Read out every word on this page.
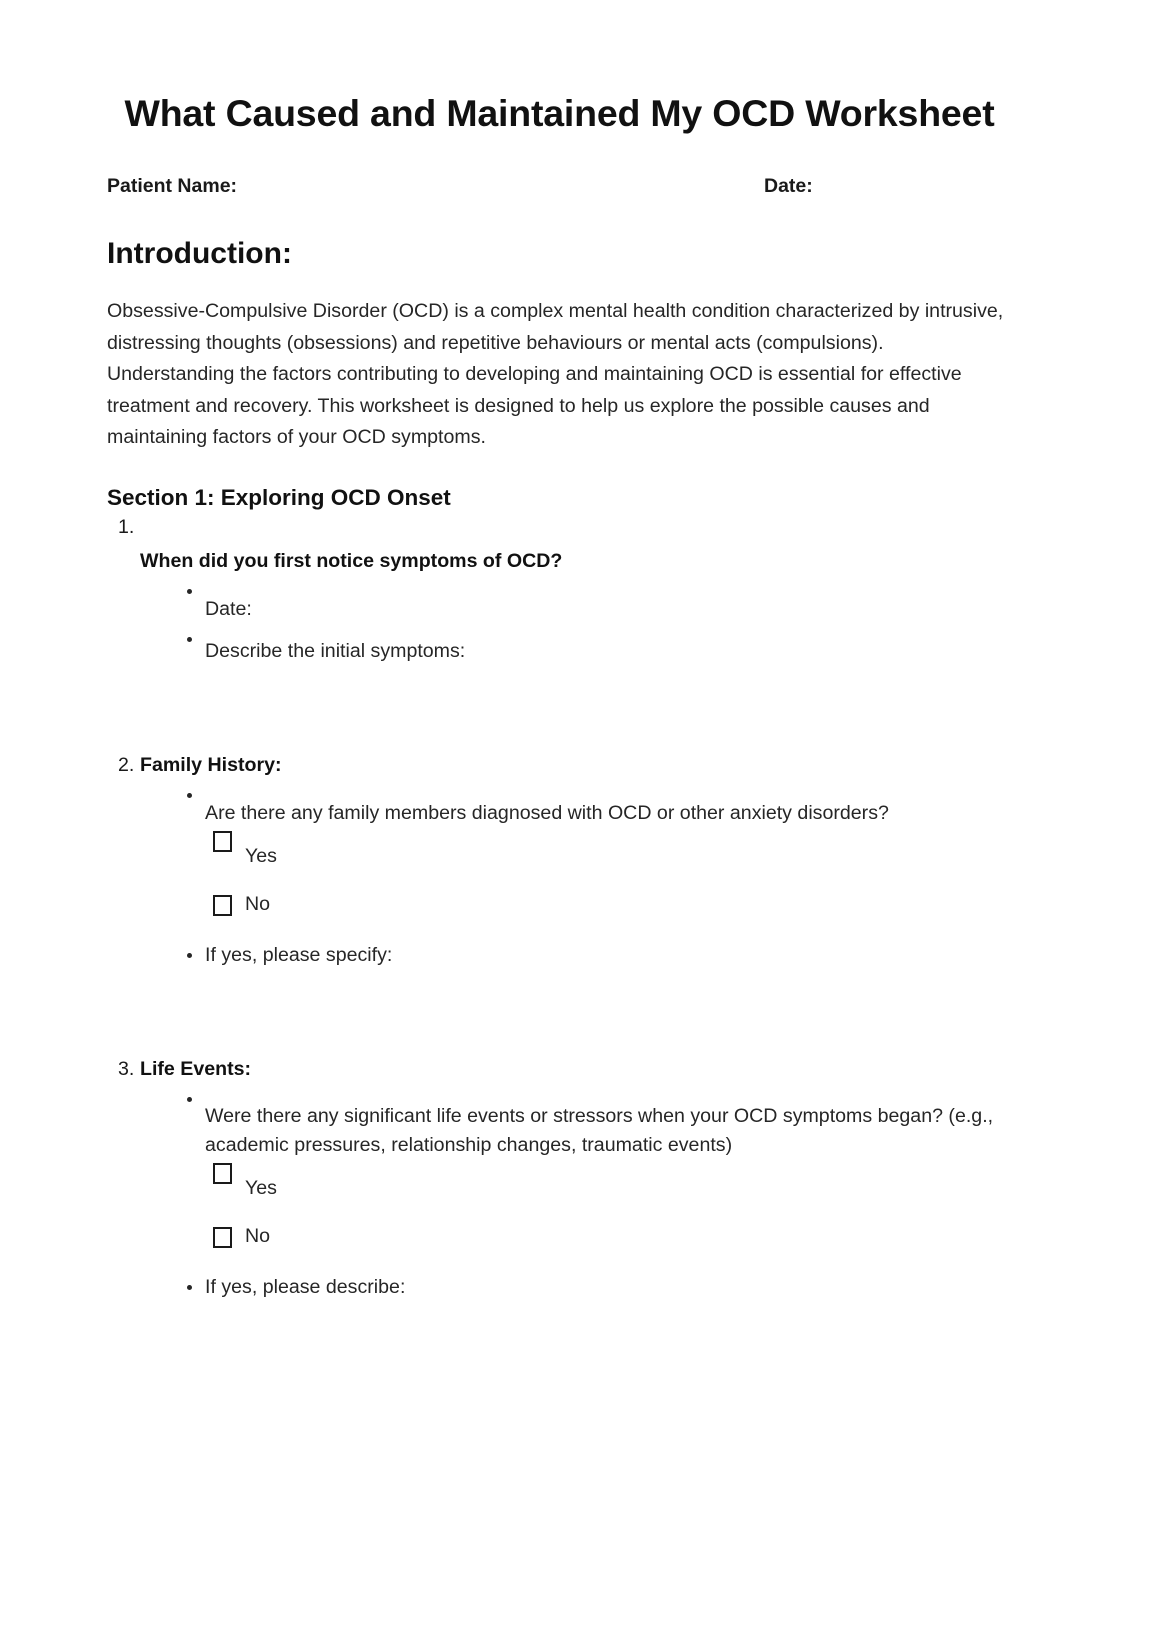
What Caused and Maintained My OCD Worksheet
Patient Name:	Date:
Introduction:

Obsessive-Compulsive Disorder (OCD) is a complex mental health condition characterized by intrusive, distressing thoughts (obsessions) and repetitive behaviours or mental acts (compulsions). Understanding the factors contributing to developing and maintaining OCD is essential for effective treatment and recovery. This worksheet is designed to help us explore the possible causes and maintaining factors of your OCD symptoms.

Section 1: Exploring OCD Onset
1.
When did you first notice symptoms of OCD?
Date:
Describe the initial symptoms:
2. Family History:
Are there any family members diagnosed with OCD or other anxiety disorders?
Yes
No
If yes, please specify:
3. Life Events:
Were there any significant life events or stressors when your OCD symptoms began? (e.g., academic pressures, relationship changes, traumatic events)
Yes
No
If yes, please describe:
